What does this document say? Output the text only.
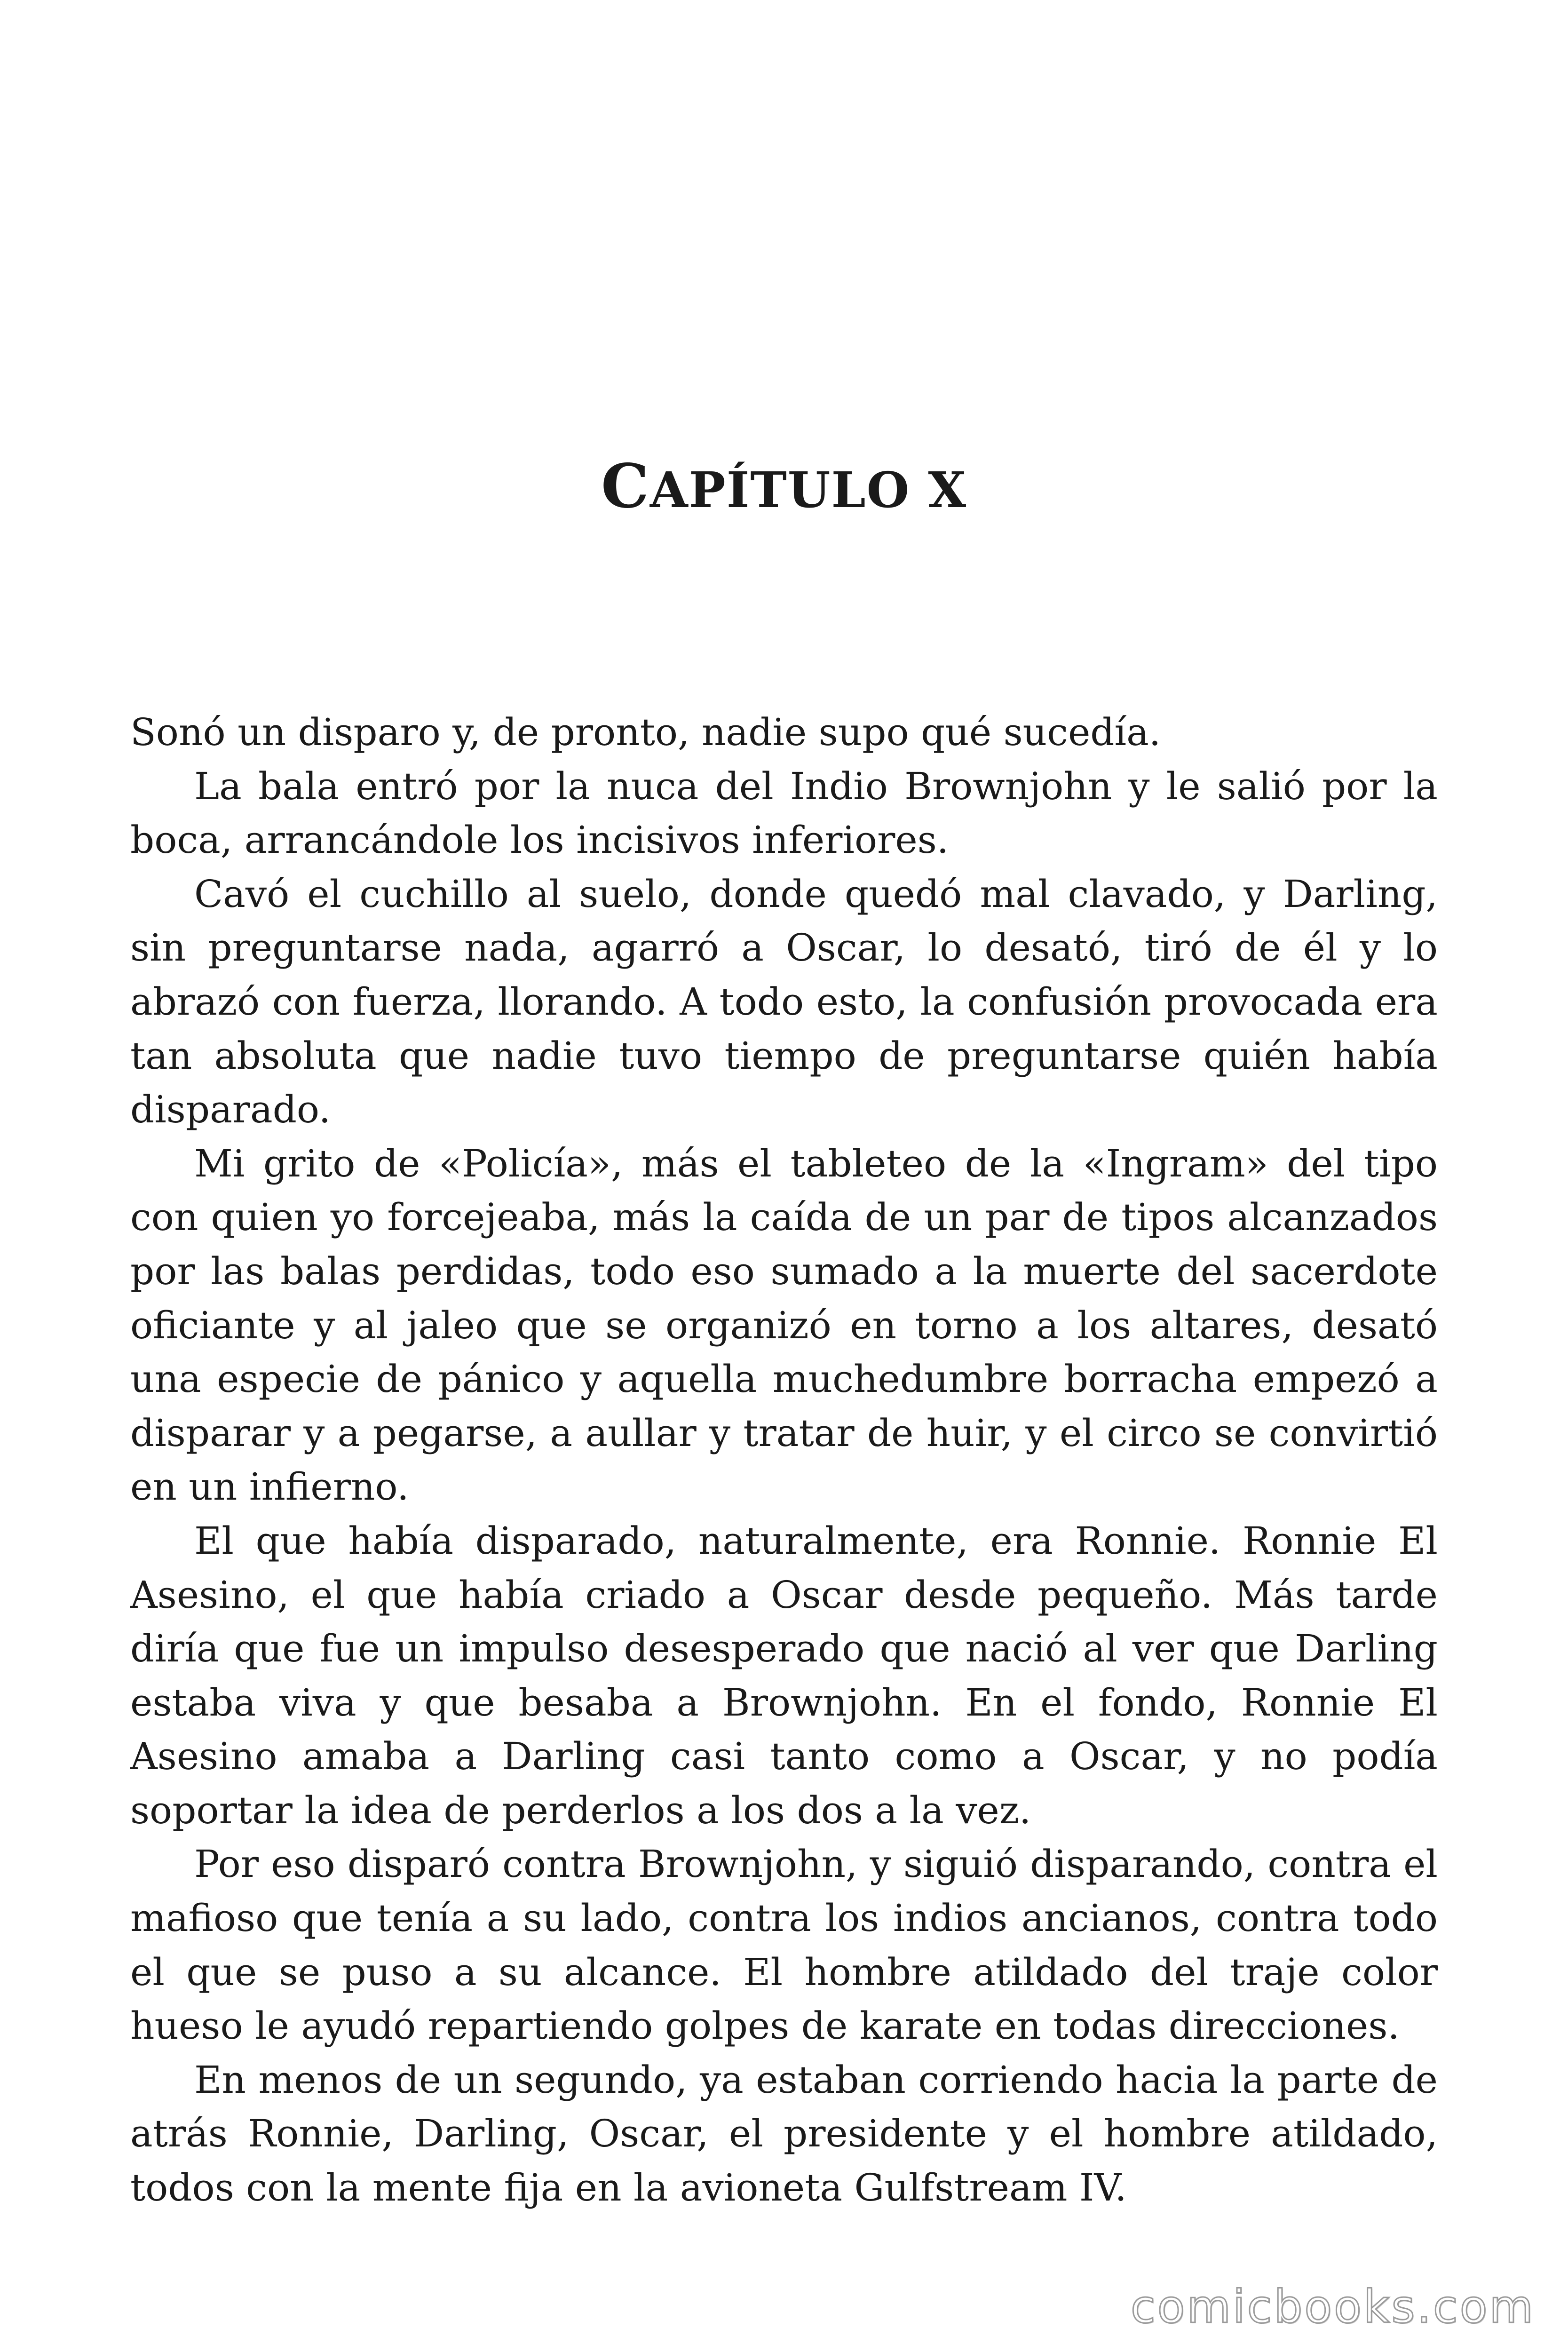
CAPÍTULO X

Sonó un disparo y, de pronto, nadie supo qué sucedía.

La bala entró por la nuca del Indio Brownjohn y le salió por la boca, arrancándole los incisivos inferiores.

Cavó el cuchillo al suelo, donde quedó mal clavado, y Darling, sin preguntarse nada, agarró a Oscar, lo desató, tiró de él y lo abrazó con fuerza, llorando. A todo esto, la confusión provocada era tan absoluta que nadie tuvo tiempo de preguntarse quién había disparado.

Mi grito de «Policía», más el tableteo de la «Ingram» del tipo con quien yo forcejeaba, más la caída de un par de tipos alcanzados por las balas perdidas, todo eso sumado a la muerte del sacerdote oficiante y al jaleo que se organizó en torno a los altares, desató una especie de pánico y aquella muchedumbre borracha empezó a disparar y a pegarse, a aullar y tratar de huir, y el circo se convirtió en un infierno.

El que había disparado, naturalmente, era Ronnie. Ronnie El Asesino, el que había criado a Oscar desde pequeño. Más tarde diría que fue un impulso desesperado que nació al ver que Darling estaba viva y que besaba a Brownjohn. En el fondo, Ronnie El Asesino amaba a Darling casi tanto como a Oscar, y no podía soportar la idea de perderlos a los dos a la vez.

Por eso disparó contra Brownjohn, y siguió disparando, contra el mafioso que tenía a su lado, contra los indios ancianos, contra todo el que se puso a su alcance. El hombre atildado del traje color hueso le ayudó repartiendo golpes de karate en todas direcciones.

En menos de un segundo, ya estaban corriendo hacia la parte de atrás Ronnie, Darling, Oscar, el presidente y el hombre atildado, todos con la mente fija en la avioneta Gulfstream IV.

comicbooks.com
